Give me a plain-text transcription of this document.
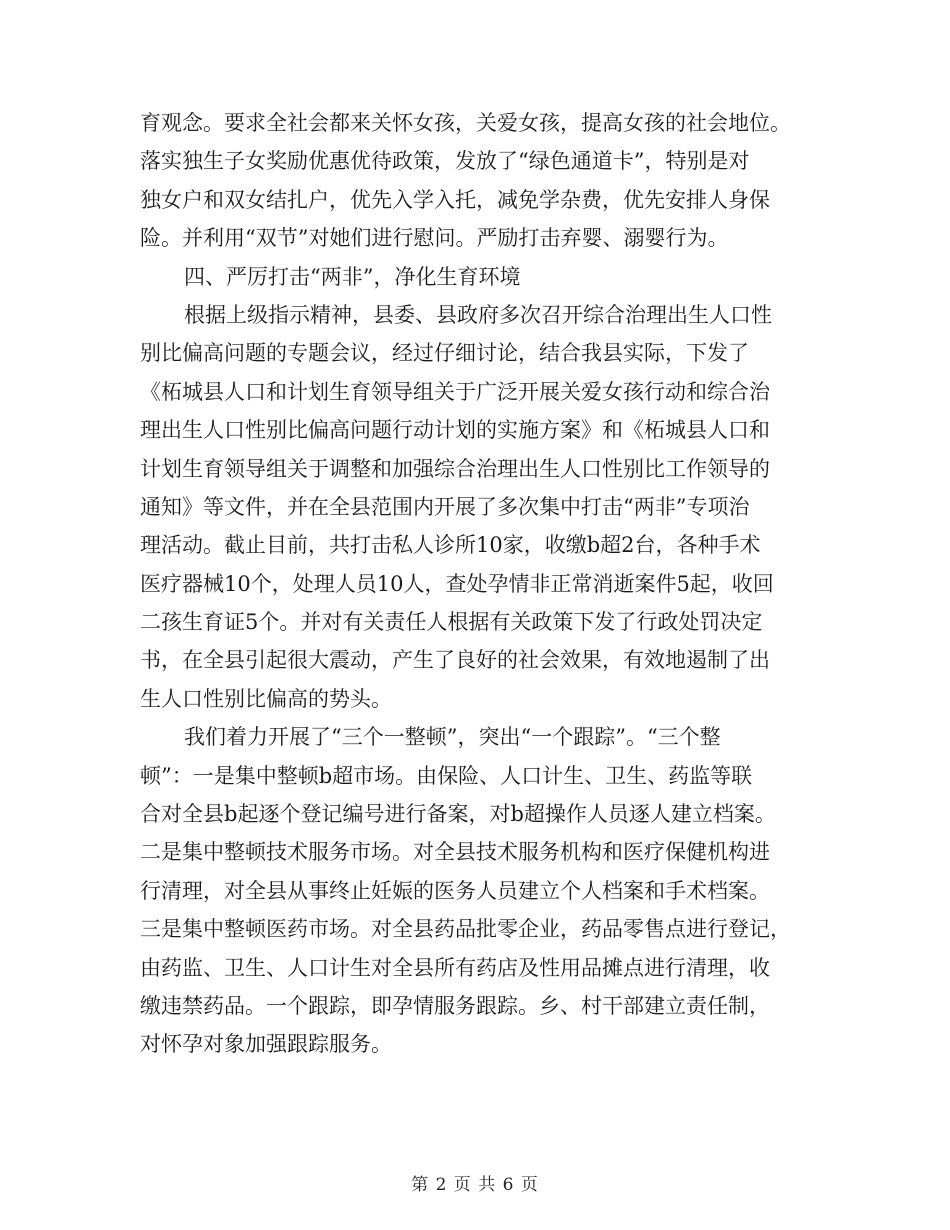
育观念。要求全社会都来关怀女孩，关爱女孩，提高女孩的社会地位。
落实独生子女奖励优惠优待政策，发放了“绿色通道卡”，特别是对
独女户和双女结扎户，优先入学入托，减免学杂费，优先安排人身保
险。并利用“双节”对她们进行慰问。严励打击弃婴、溺婴行为。
四、严厉打击“两非”，净化生育环境
根据上级指示精神，县委、县政府多次召开综合治理出生人口性
别比偏高问题的专题会议，经过仔细讨论，结合我县实际，下发了
《柘城县人口和计划生育领导组关于广泛开展关爱女孩行动和综合治
理出生人口性别比偏高问题行动计划的实施方案》和《柘城县人口和
计划生育领导组关于调整和加强综合治理出生人口性别比工作领导的
通知》等文件，并在全县范围内开展了多次集中打击“两非”专项治
理活动。截止目前，共打击私人诊所10家，收缴b超2台，各种手术
医疗器械10个，处理人员10人，查处孕情非正常消逝案件5起，收回
二孩生育证5个。并对有关责任人根据有关政策下发了行政处罚决定
书，在全县引起很大震动，产生了良好的社会效果，有效地遏制了出
生人口性别比偏高的势头。
我们着力开展了“三个一整顿”，突出“一个跟踪”。“三个整
顿”：一是集中整顿b超市场。由保险、人口计生、卫生、药监等联
合对全县b起逐个登记编号进行备案，对b超操作人员逐人建立档案。
二是集中整顿技术服务市场。对全县技术服务机构和医疗保健机构进
行清理，对全县从事终止妊娠的医务人员建立个人档案和手术档案。
三是集中整顿医药市场。对全县药品批零企业，药品零售点进行登记，
由药监、卫生、人口计生对全县所有药店及性用品摊点进行清理，收
缴违禁药品。一个跟踪，即孕情服务跟踪。乡、村干部建立责任制，
对怀孕对象加强跟踪服务。
第 2 页 共 6 页
